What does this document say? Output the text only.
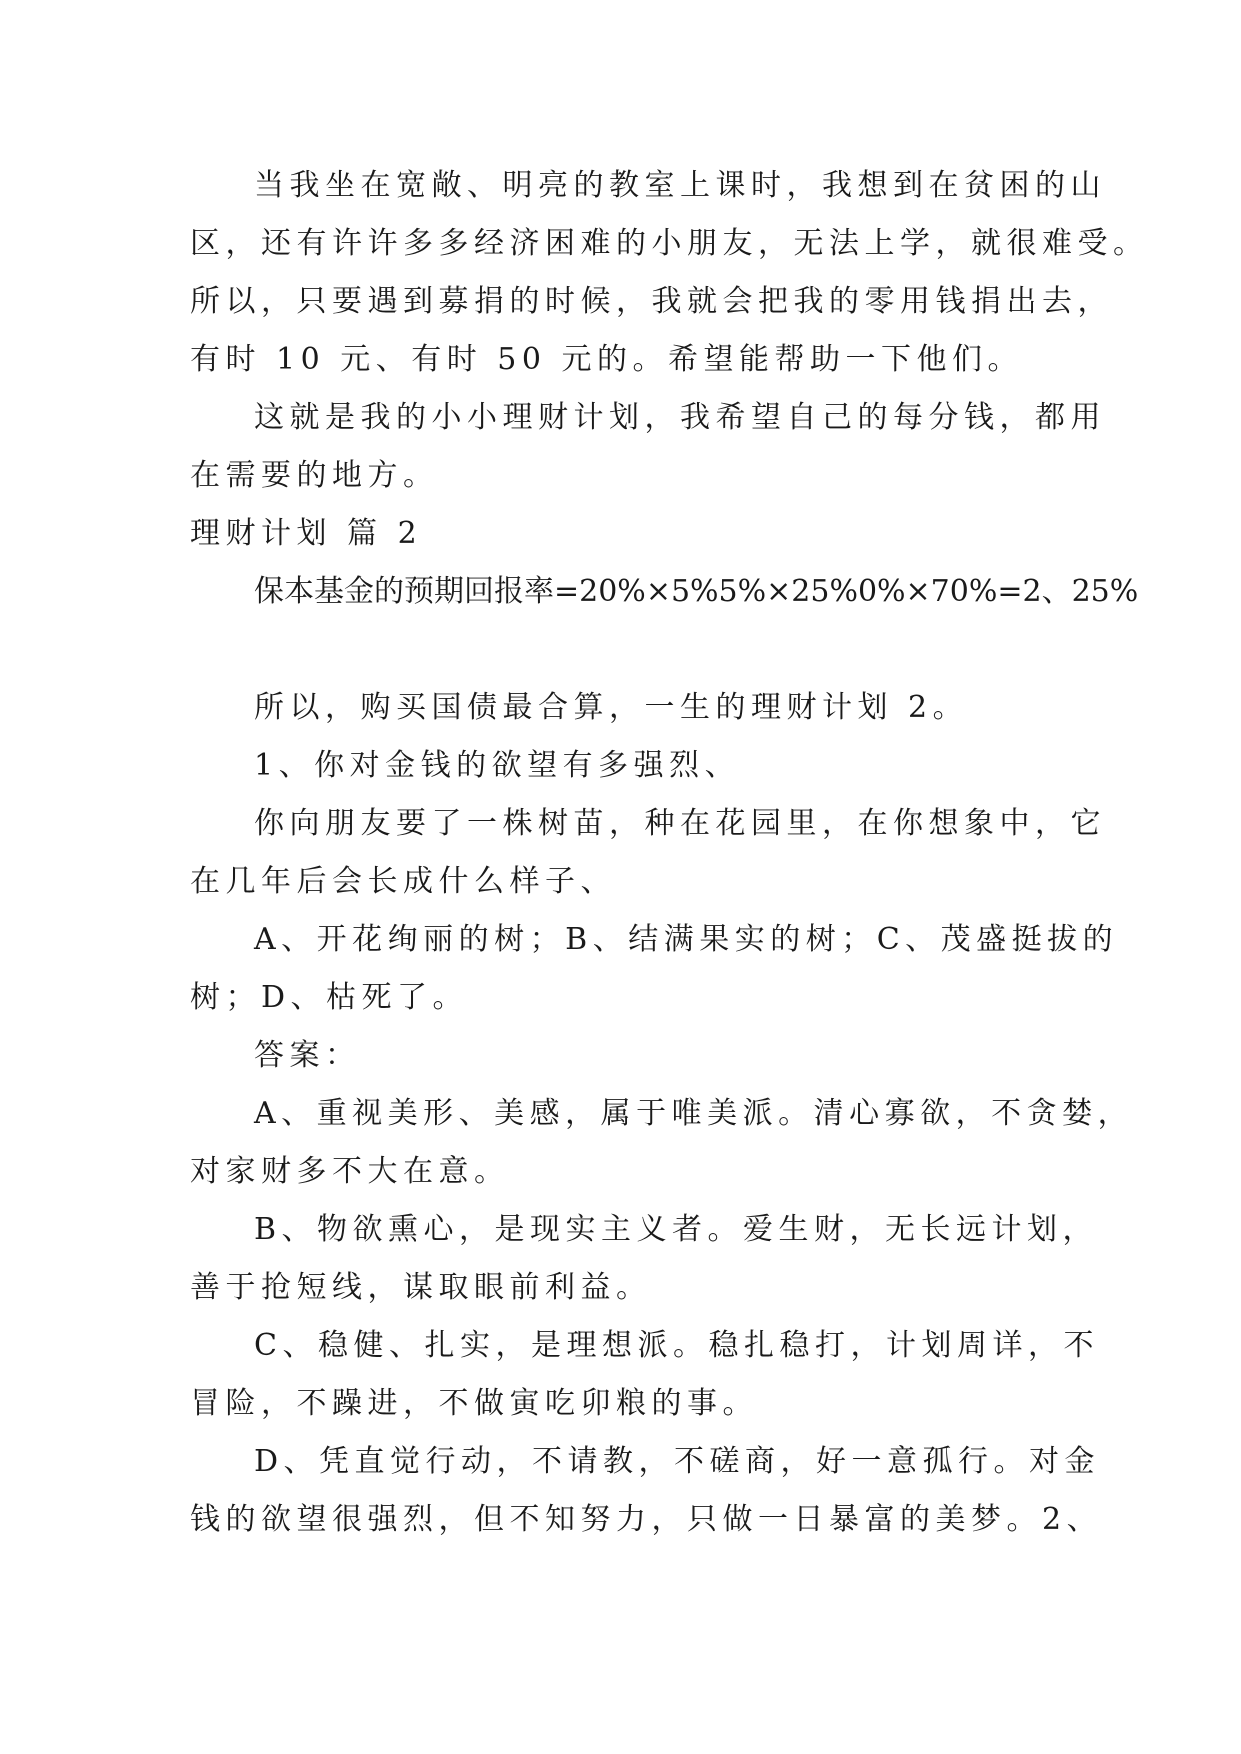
当我坐在宽敞、明亮的教室上课时，我想到在贫困的山
区，还有许许多多经济困难的小朋友，无法上学，就很难受。
所以，只要遇到募捐的时候，我就会把我的零用钱捐出去，
有时 10 元、有时 50 元的。希望能帮助一下他们。
这就是我的小小理财计划，我希望自己的每分钱，都用
在需要的地方。
理财计划 篇 2
保本基金的预期回报率=20%×5%5%×25%0%×70%=2、25%
所以，购买国债最合算，一生的理财计划 2。
1、你对金钱的欲望有多强烈、
你向朋友要了一株树苗，种在花园里，在你想象中，它
在几年后会长成什么样子、
A、开花绚丽的树；B、结满果实的树；C、茂盛挺拔的
树；D、枯死了。
答案：
A、重视美形、美感，属于唯美派。清心寡欲，不贪婪，
对家财多不大在意。
B、物欲熏心，是现实主义者。爱生财，无长远计划，
善于抢短线，谋取眼前利益。
C、稳健、扎实，是理想派。稳扎稳打，计划周详，不
冒险，不躁进，不做寅吃卯粮的事。
D、凭直觉行动，不请教，不磋商，好一意孤行。对金
钱的欲望很强烈，但不知努力，只做一日暴富的美梦。2、
